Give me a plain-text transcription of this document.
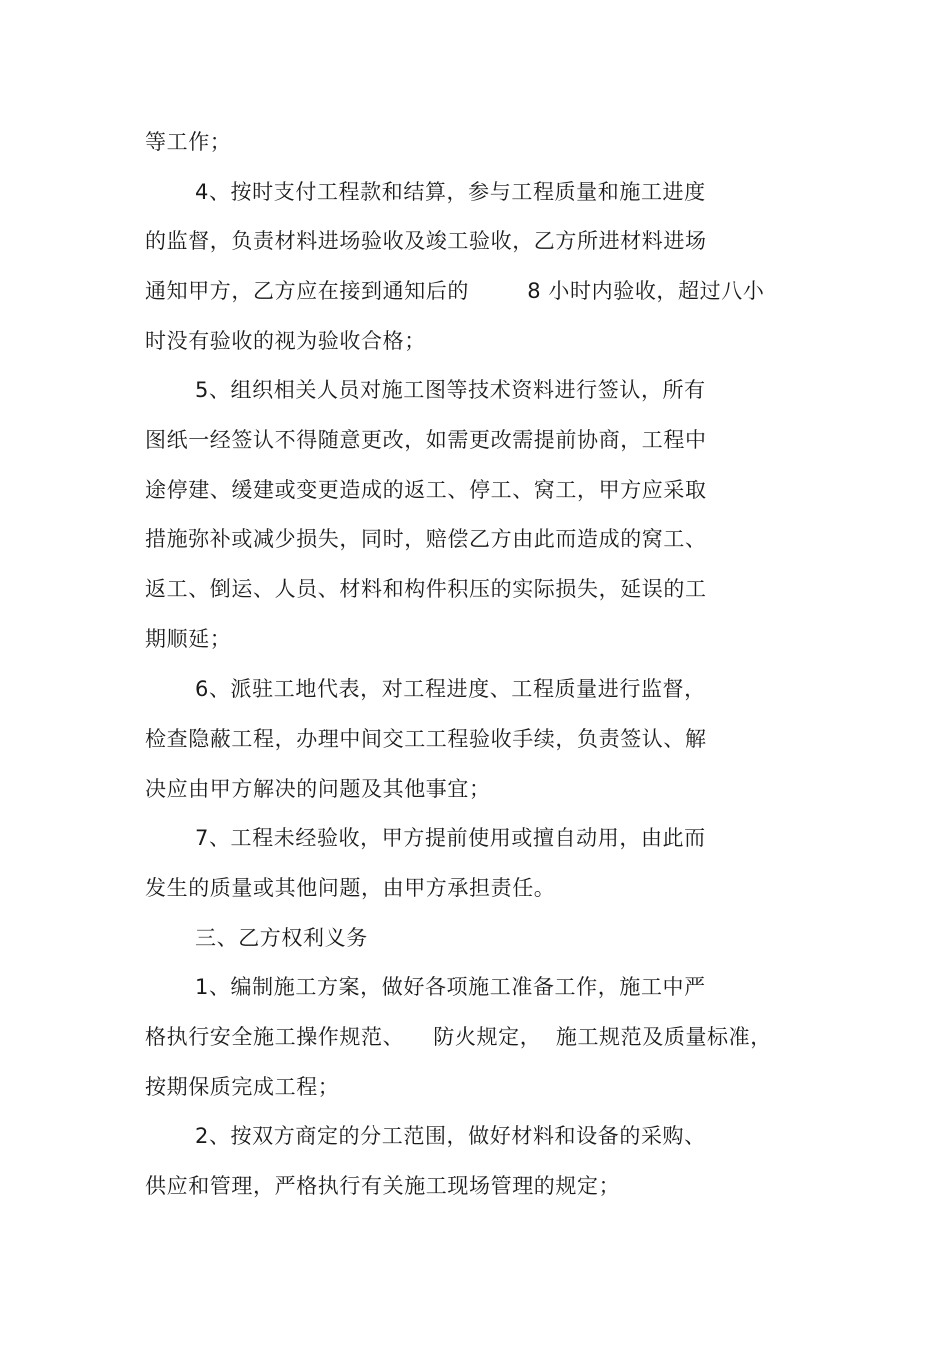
等工作；
4、按时支付工程款和结算，参与工程质量和施工进度
的监督，负责材料进场验收及竣工验收，乙方所进材料进场
通知甲方，乙方应在接到通知后的        8 小时内验收，超过八小
时没有验收的视为验收合格；
5、组织相关人员对施工图等技术资料进行签认，所有
图纸一经签认不得随意更改，如需更改需提前协商，工程中
途停建、缓建或变更造成的返工、停工、窝工，甲方应采取
措施弥补或减少损失，同时，赔偿乙方由此而造成的窝工、
返工、倒运、人员、材料和构件积压的实际损失，延误的工
期顺延；
6、派驻工地代表，对工程进度、工程质量进行监督，
检查隐蔽工程，办理中间交工工程验收手续，负责签认、解
决应由甲方解决的问题及其他事宜；
7、工程未经验收，甲方提前使用或擅自动用，由此而
发生的质量或其他问题，由甲方承担责任。
三、乙方权利义务
1、编制施工方案，做好各项施工准备工作，施工中严
格执行安全施工操作规范、    防火规定，  施工规范及质量标准，
按期保质完成工程；
2、按双方商定的分工范围，做好材料和设备的采购、
供应和管理，严格执行有关施工现场管理的规定；
